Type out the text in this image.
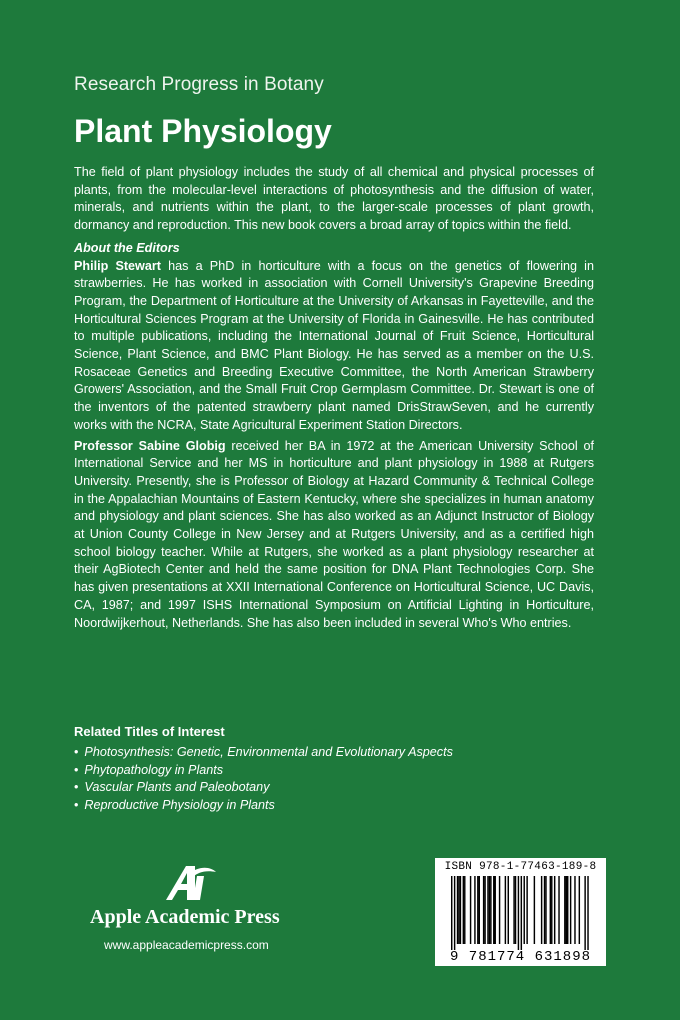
Research Progress in Botany
Plant Physiology

The field of plant physiology includes the study of all chemical and physical processes of plants, from the molecular-level interactions of photosynthesis and the diffusion of water, minerals, and nutrients within the plant, to the larger-scale processes of plant growth, dormancy and reproduction. This new book covers a broad array of topics within the field.

About the Editors

Philip Stewart has a PhD in horticulture with a focus on the genetics of flowering in strawberries. He has worked in association with Cornell University's Grapevine Breeding Program, the Department of Horticulture at the University of Arkansas in Fayetteville, and the Horticultural Sciences Program at the University of Florida in Gainesville. He has contributed to multiple publications, including the International Journal of Fruit Science, Horticultural Science, Plant Science, and BMC Plant Biology. He has served as a member on the U.S. Rosaceae Genetics and Breeding Executive Committee, the North American Strawberry Growers' Association, and the Small Fruit Crop Germplasm Committee. Dr. Stewart is one of the inventors of the patented strawberry plant named DrisStrawSeven, and he currently works with the NCRA, State Agricultural Experiment Station Directors.

Professor Sabine Globig received her BA in 1972 at the American University School of International Service and her MS in horticulture and plant physiology in 1988 at Rutgers University. Presently, she is Professor of Biology at Hazard Community & Technical College in the Appalachian Mountains of Eastern Kentucky, where she specializes in human anatomy and physiology and plant sciences. She has also worked as an Adjunct Instructor of Biology at Union County College in New Jersey and at Rutgers University, and as a certified high school biology teacher. While at Rutgers, she worked as a plant physiology researcher at their AgBiotech Center and held the same position for DNA Plant Technologies Corp. She has given presentations at XXII International Conference on Horticultural Science, UC Davis, CA, 1987; and 1997 ISHS International Symposium on Artificial Lighting in Horticulture, Noordwijkerhout, Netherlands. She has also been included in several Who's Who entries.

Related Titles of Interest
• Photosynthesis: Genetic, Environmental and Evolutionary Aspects
• Phytopathology in Plants
• Vascular Plants and Paleobotany
• Reproductive Physiology in Plants
Apple Academic Press
www.appleacademicpress.com
ISBN 978-1-77463-189-8
9 781774 631898
